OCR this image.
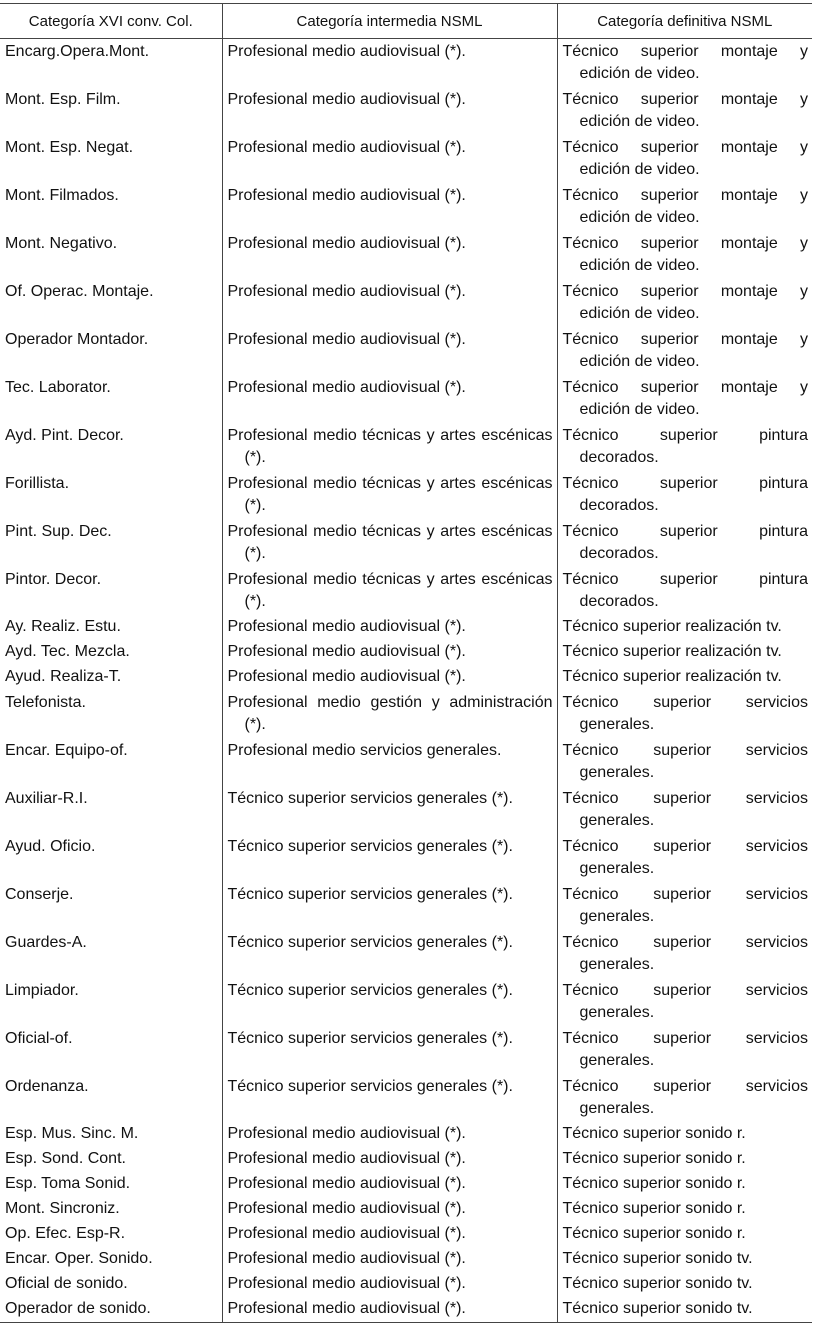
Categoría XVI conv. Col.	Categoría intermedia NSML	Categoría definitiva NSML
Encarg.Opera.Mont.	Profesional medio audiovisual (*).	Técnico superior montaje y edición de video.
Mont. Esp. Film.	Profesional medio audiovisual (*).	Técnico superior montaje y edición de video.
Mont. Esp. Negat.	Profesional medio audiovisual (*).	Técnico superior montaje y edición de video.
Mont. Filmados.	Profesional medio audiovisual (*).	Técnico superior montaje y edición de video.
Mont. Negativo.	Profesional medio audiovisual (*).	Técnico superior montaje y edición de video.
Of. Operac. Montaje.	Profesional medio audiovisual (*).	Técnico superior montaje y edición de video.
Operador Montador.	Profesional medio audiovisual (*).	Técnico superior montaje y edición de video.
Tec. Laborator.	Profesional medio audiovisual (*).	Técnico superior montaje y edición de video.
Ayd. Pint. Decor.	Profesional medio técnicas y artes escénicas (*).	Técnico superior pintura decorados.
Forillista.	Profesional medio técnicas y artes escénicas (*).	Técnico superior pintura decorados.
Pint. Sup. Dec.	Profesional medio técnicas y artes escénicas (*).	Técnico superior pintura decorados.
Pintor. Decor.	Profesional medio técnicas y artes escénicas (*).	Técnico superior pintura decorados.
Ay. Realiz. Estu.	Profesional medio audiovisual (*).	Técnico superior realización tv.
Ayd. Tec. Mezcla.	Profesional medio audiovisual (*).	Técnico superior realización tv.
Ayud. Realiza-T.	Profesional medio audiovisual (*).	Técnico superior realización tv.
Telefonista.	Profesional medio gestión y administración (*).	Técnico superior servicios generales.
Encar. Equipo-of.	Profesional medio servicios generales.	Técnico superior servicios generales.
Auxiliar-R.I.	Técnico superior servicios generales (*).	Técnico superior servicios generales.
Ayud. Oficio.	Técnico superior servicios generales (*).	Técnico superior servicios generales.
Conserje.	Técnico superior servicios generales (*).	Técnico superior servicios generales.
Guardes-A.	Técnico superior servicios generales (*).	Técnico superior servicios generales.
Limpiador.	Técnico superior servicios generales (*).	Técnico superior servicios generales.
Oficial-of.	Técnico superior servicios generales (*).	Técnico superior servicios generales.
Ordenanza.	Técnico superior servicios generales (*).	Técnico superior servicios generales.
Esp. Mus. Sinc. M.	Profesional medio audiovisual (*).	Técnico superior sonido r.
Esp. Sond. Cont.	Profesional medio audiovisual (*).	Técnico superior sonido r.
Esp. Toma Sonid.	Profesional medio audiovisual (*).	Técnico superior sonido r.
Mont. Sincroniz.	Profesional medio audiovisual (*).	Técnico superior sonido r.
Op. Efec. Esp-R.	Profesional medio audiovisual (*).	Técnico superior sonido r.
Encar. Oper. Sonido.	Profesional medio audiovisual (*).	Técnico superior sonido tv.
Oficial de sonido.	Profesional medio audiovisual (*).	Técnico superior sonido tv.
Operador de sonido.	Profesional medio audiovisual (*).	Técnico superior sonido tv.
